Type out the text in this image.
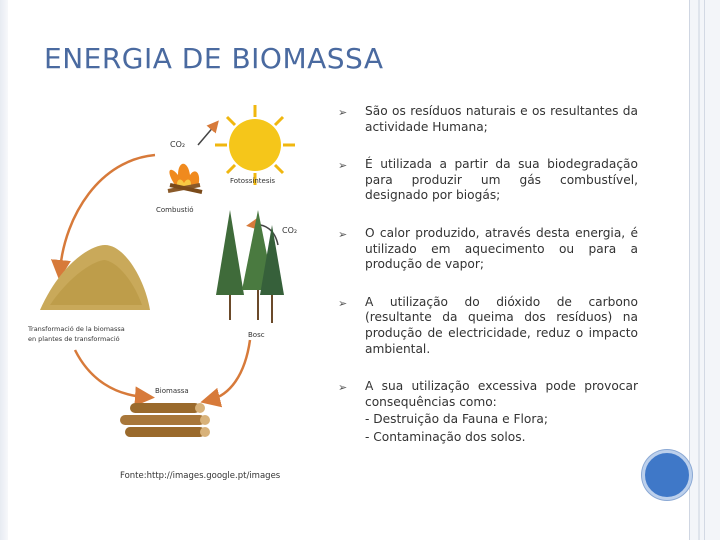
ENERGIA DE BIOMASSA
CO₂
Fotossíntesis
Combustió
CO₂
Bosc
Biomassa
Transformació de la biomassa
en plantes de transformació
Fonte:http://images.google.pt/images
➢ São os resíduos naturais e os resultantes da actividade Humana;
➢ É utilizada a partir da sua biodegradação para produzir um gás combustível, designado por biogás;
➢ O calor produzido, através desta energia, é utilizado em aquecimento ou para a produção de vapor;
➢ A utilização do dióxido de carbono (resultante da queima dos resíduos) na produção de electricidade, reduz o impacto ambiental.
➢ A sua utilização excessiva pode provocar consequências como:
- Destruição da Fauna e Flora;
- Contaminação dos solos.
